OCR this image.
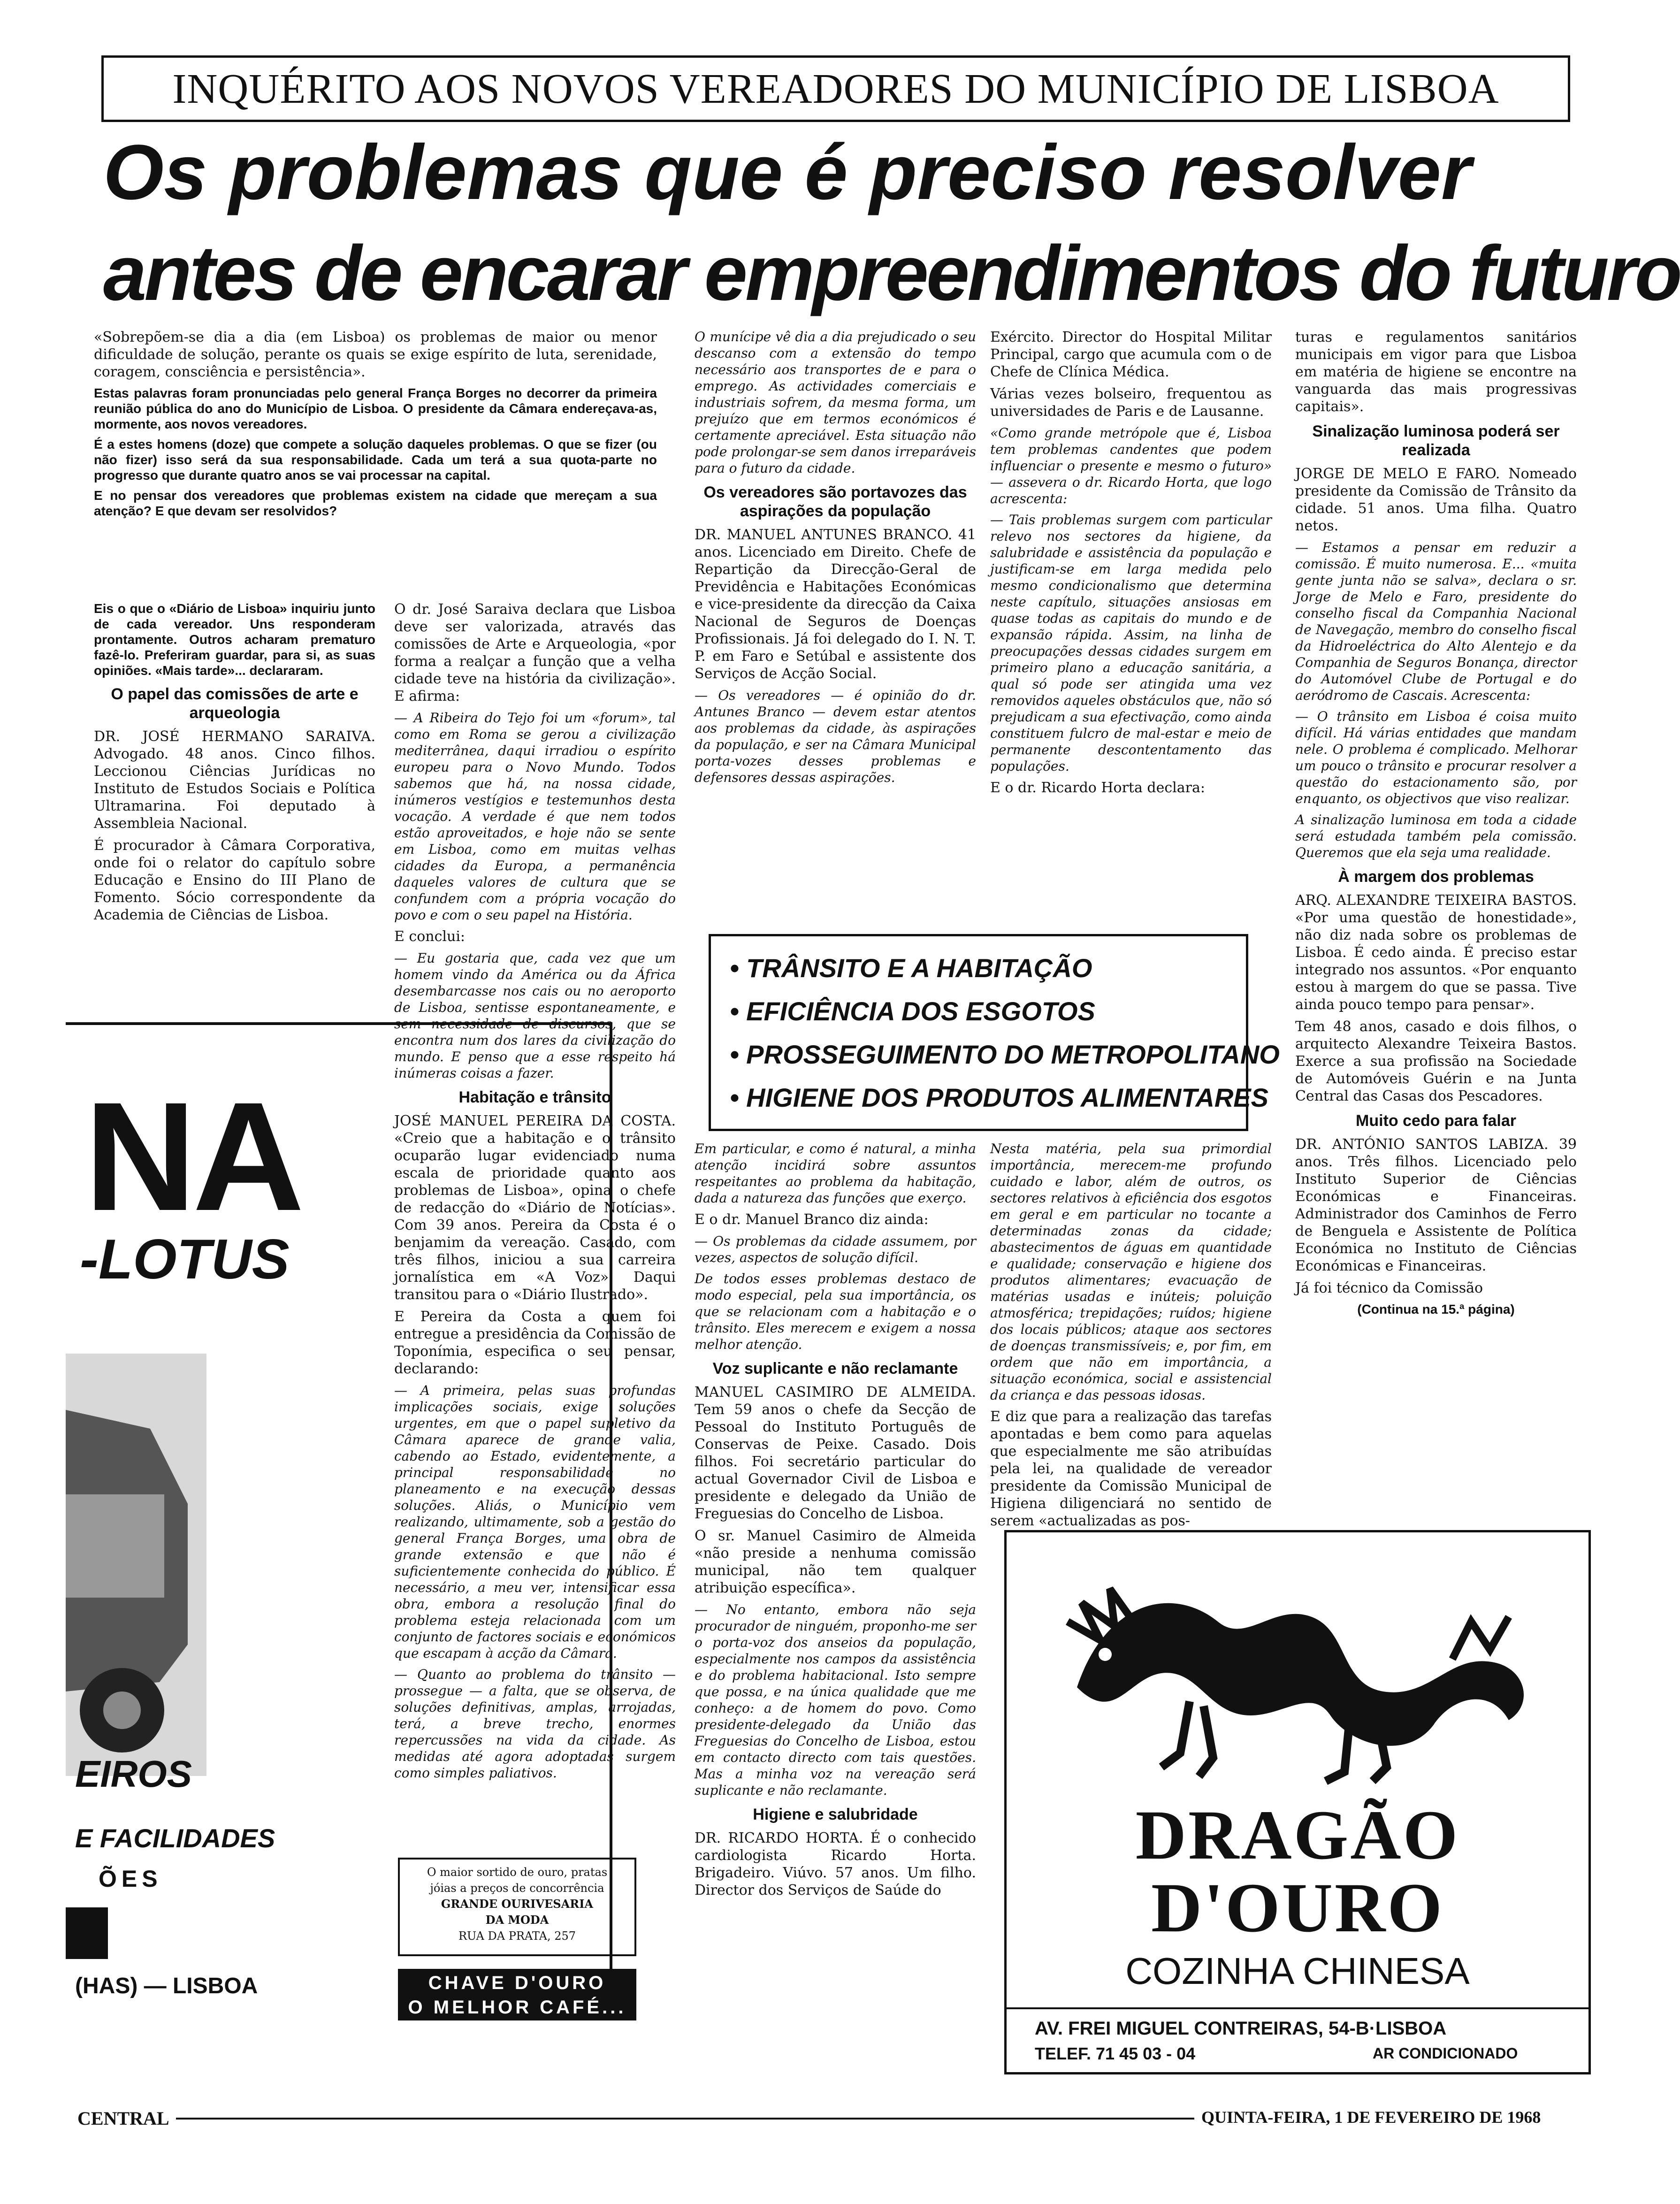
INQUÉRITO AOS NOVOS VEREADORES DO MUNICÍPIO DE LISBOA
Os problemas que é preciso resolver
antes de encarar empreendimentos do futuro

«Sobrepõem-se dia a dia (em Lisboa) os problemas de maior ou menor dificuldade de solução, perante os quais se exige espírito de luta, serenidade, coragem, consciência e persistência».

Estas palavras foram pronunciadas pelo general França Borges no decorrer da primeira reunião pública do ano do Município de Lisboa. O presidente da Câmara endereçava-as, mormente, aos novos vereadores.

É a estes homens (doze) que compete a solução daqueles problemas. O que se fizer (ou não fizer) isso será da sua responsabilidade. Cada um terá a sua quota-parte no progresso que durante quatro anos se vai processar na capital.

E no pensar dos vereadores que problemas existem na cidade que mereçam a sua atenção? E que devam ser resolvidos?

Eis o que o «Diário de Lisboa» inquiriu junto de cada vereador. Uns responderam prontamente. Outros acharam prematuro fazê-lo. Preferiram guardar, para si, as suas opiniões. «Mais tarde»... declararam.

O papel das comissões de arte e arqueologia

DR. JOSÉ HERMANO SARAIVA. Advogado. 48 anos. Cinco filhos. Leccionou Ciências Jurídicas no Instituto de Estudos Sociais e Política Ultramarina. Foi deputado à Assembleia Nacional.

É procurador à Câmara Corporativa, onde foi o relator do capítulo sobre Educação e Ensino do III Plano de Fomento. Sócio correspondente da Academia de Ciências de Lisboa.

O dr. José Saraiva declara que Lisboa deve ser valorizada, através das comissões de Arte e Arqueologia, «por forma a realçar a função que a velha cidade teve na história da civilização». E afirma:

— A Ribeira do Tejo foi um «forum», tal como em Roma se gerou a civilização mediterrânea, daqui irradiou o espírito europeu para o Novo Mundo. Todos sabemos que há, na nossa cidade, inúmeros vestígios e testemunhos desta vocação. A verdade é que nem todos estão aproveitados, e hoje não se sente em Lisboa, como em muitas velhas cidades da Europa, a permanência daqueles valores de cultura que se confundem com a própria vocação do povo e com o seu papel na História.

E conclui:

— Eu gostaria que, cada vez que um homem vindo da América ou da África desembarcasse nos cais ou no aeroporto de Lisboa, sentisse espontaneamente, e sem necessidade de discursos, que se encontra num dos lares da civilização do mundo. E penso que a esse respeito há inúmeras coisas a fazer.

Habitação e trânsito

JOSÉ MANUEL PEREIRA DA COSTA. «Creio que a habitação e o trânsito ocuparão lugar evidenciado numa escala de prioridade quanto aos problemas de Lisboa», opina o chefe de redacção do «Diário de Notícias». Com 39 anos. Pereira da Costa é o benjamim da vereação. Casado, com três filhos, iniciou a sua carreira jornalística em «A Voz». Daqui transitou para o «Diário Ilustrado».

E Pereira da Costa a quem foi entregue a presidência da Comissão de Toponímia, especifica o seu pensar, declarando:

— A primeira, pelas suas profundas implicações sociais, exige soluções urgentes, em que o papel supletivo da Câmara aparece de grande valia, cabendo ao Estado, evidentemente, a principal responsabilidade no planeamento e na execução dessas soluções. Aliás, o Município vem realizando, ultimamente, sob a gestão do general França Borges, uma obra de grande extensão e que não é suficientemente conhecida do público. É necessário, a meu ver, intensificar essa obra, embora a resolução final do problema esteja relacionada com um conjunto de factores sociais e económicos que escapam à acção da Câmara.

— Quanto ao problema do trânsito — prossegue — a falta, que se observa, de soluções definitivas, amplas, arrojadas, terá, a breve trecho, enormes repercussões na vida da cidade. As medidas até agora adoptadas surgem como simples paliativos.

O munícipe vê dia a dia prejudicado o seu descanso com a extensão do tempo necessário aos transportes de e para o emprego. As actividades comerciais e industriais sofrem, da mesma forma, um prejuízo que em termos económicos é certamente apreciável. Esta situação não pode prolongar-se sem danos irreparáveis para o futuro da cidade.

Os vereadores são portavozes das aspirações da população

DR. MANUEL ANTUNES BRANCO. 41 anos. Licenciado em Direito. Chefe de Repartição da Direcção-Geral de Previdência e Habitações Económicas e vice-presidente da direcção da Caixa Nacional de Seguros de Doenças Profissionais. Já foi delegado do I. N. T. P. em Faro e Setúbal e assistente dos Serviços de Acção Social.

— Os vereadores — é opinião do dr. Antunes Branco — devem estar atentos aos problemas da cidade, às aspirações da população, e ser na Câmara Municipal porta-vozes desses problemas e defensores dessas aspirações.

Exército. Director do Hospital Militar Principal, cargo que acumula com o de Chefe de Clínica Médica.

Várias vezes bolseiro, frequentou as universidades de Paris e de Lausanne.

«Como grande metrópole que é, Lisboa tem problemas candentes que podem influenciar o presente e mesmo o futuro» — assevera o dr. Ricardo Horta, que logo acrescenta:

— Tais problemas surgem com particular relevo nos sectores da higiene, da salubridade e assistência da população e justificam-se em larga medida pelo mesmo condicionalismo que determina neste capítulo, situações ansiosas em quase todas as capitais do mundo e de expansão rápida. Assim, na linha de preocupações dessas cidades surgem em primeiro plano a educação sanitária, a qual só pode ser atingida uma vez removidos aqueles obstáculos que, não só prejudicam a sua efectivação, como ainda constituem fulcro de mal-estar e meio de permanente descontentamento das populações.

E o dr. Ricardo Horta declara:

• TRÂNSITO E A HABITAÇÃO
• EFICIÊNCIA DOS ESGOTOS
• PROSSEGUIMENTO DO METROPOLITANO
• HIGIENE DOS PRODUTOS ALIMENTARES

Em particular, e como é natural, a minha atenção incidirá sobre assuntos respeitantes ao problema da habitação, dada a natureza das funções que exerço.

E o dr. Manuel Branco diz ainda:

— Os problemas da cidade assumem, por vezes, aspectos de solução difícil.

De todos esses problemas destaco de modo especial, pela sua importância, os que se relacionam com a habitação e o trânsito. Eles merecem e exigem a nossa melhor atenção.

Voz suplicante e não reclamante

MANUEL CASIMIRO DE ALMEIDA. Tem 59 anos o chefe da Secção de Pessoal do Instituto Português de Conservas de Peixe. Casado. Dois filhos. Foi secretário particular do actual Governador Civil de Lisboa e presidente e delegado da União de Freguesias do Concelho de Lisboa.

O sr. Manuel Casimiro de Almeida «não preside a nenhuma comissão municipal, não tem qualquer atribuição específica».

— No entanto, embora não seja procurador de ninguém, proponho-me ser o porta-voz dos anseios da população, especialmente nos campos da assistência e do problema habitacional. Isto sempre que possa, e na única qualidade que me conheço: a de homem do povo. Como presidente-delegado da União das Freguesias do Concelho de Lisboa, estou em contacto directo com tais questões. Mas a minha voz na vereação será suplicante e não reclamante.

Higiene e salubridade

DR. RICARDO HORTA. É o conhecido cardiologista Ricardo Horta. Brigadeiro. Viúvo. 57 anos. Um filho. Director dos Serviços de Saúde do

Nesta matéria, pela sua primordial importância, merecem-me profundo cuidado e labor, além de outros, os sectores relativos à eficiência dos esgotos em geral e em particular no tocante a determinadas zonas da cidade; abastecimentos de águas em quantidade e qualidade; conservação e higiene dos produtos alimentares; evacuação de matérias usadas e inúteis; poluição atmosférica; trepidações; ruídos; higiene dos locais públicos; ataque aos sectores de doenças transmissíveis; e, por fim, em ordem que não em importância, a situação económica, social e assistencial da criança e das pessoas idosas.

E diz que para a realização das tarefas apontadas e bem como para aquelas que especialmente me são atribuídas pela lei, na qualidade de vereador presidente da Comissão Municipal de Higiena diligenciará no sentido de serem «actualizadas as pos-

turas e regulamentos sanitários municipais em vigor para que Lisboa em matéria de higiene se encontre na vanguarda das mais progressivas capitais».

Sinalização luminosa poderá ser realizada

JORGE DE MELO E FARO. Nomeado presidente da Comissão de Trânsito da cidade. 51 anos. Uma filha. Quatro netos.

— Estamos a pensar em reduzir a comissão. É muito numerosa. E... «muita gente junta não se salva», declara o sr. Jorge de Melo e Faro, presidente do conselho fiscal da Companhia Nacional de Navegação, membro do conselho fiscal da Hidroeléctrica do Alto Alentejo e da Companhia de Seguros Bonança, director do Automóvel Clube de Portugal e do aeródromo de Cascais. Acrescenta:

— O trânsito em Lisboa é coisa muito difícil. Há várias entidades que mandam nele. O problema é complicado. Melhorar um pouco o trânsito e procurar resolver a questão do estacionamento são, por enquanto, os objectivos que viso realizar.

A sinalização luminosa em toda a cidade será estudada também pela comissão. Queremos que ela seja uma realidade.

À margem dos problemas

ARQ. ALEXANDRE TEIXEIRA BASTOS. «Por uma questão de honestidade», não diz nada sobre os problemas de Lisboa. É cedo ainda. É preciso estar integrado nos assuntos. «Por enquanto estou à margem do que se passa. Tive ainda pouco tempo para pensar».

Tem 48 anos, casado e dois filhos, o arquitecto Alexandre Teixeira Bastos. Exerce a sua profissão na Sociedade de Automóveis Guérin e na Junta Central das Casas dos Pescadores.

Muito cedo para falar

DR. ANTÓNIO SANTOS LABIZA. 39 anos. Três filhos. Licenciado pelo Instituto Superior de Ciências Económicas e Financeiras. Administrador dos Caminhos de Ferro de Benguela e Assistente de Política Económica no Instituto de Ciências Económicas e Financeiras.

Já foi técnico da Comissão

(Continua na 15.ª página)

NA
-LOTUS
EIROS
E FACILIDADES
ÕES
(HAS) — LISBOA
O maior sortido de ouro, pratas
jóias a preços de concorrência
GRANDE OURIVESARIA
DA MODA
RUA DA PRATA, 257
CHAVE D'OURO
O MELHOR CAFÉ...
DRAGÃO
D'OURO
COZINHA CHINESA
AV. FREI MIGUEL CONTREIRAS, 54-B·LISBOA
TELEF. 71 45 03 - 04	AR CONDICIONADO
CENTRAL	QUINTA-FEIRA, 1 DE FEVEREIRO DE 1968
